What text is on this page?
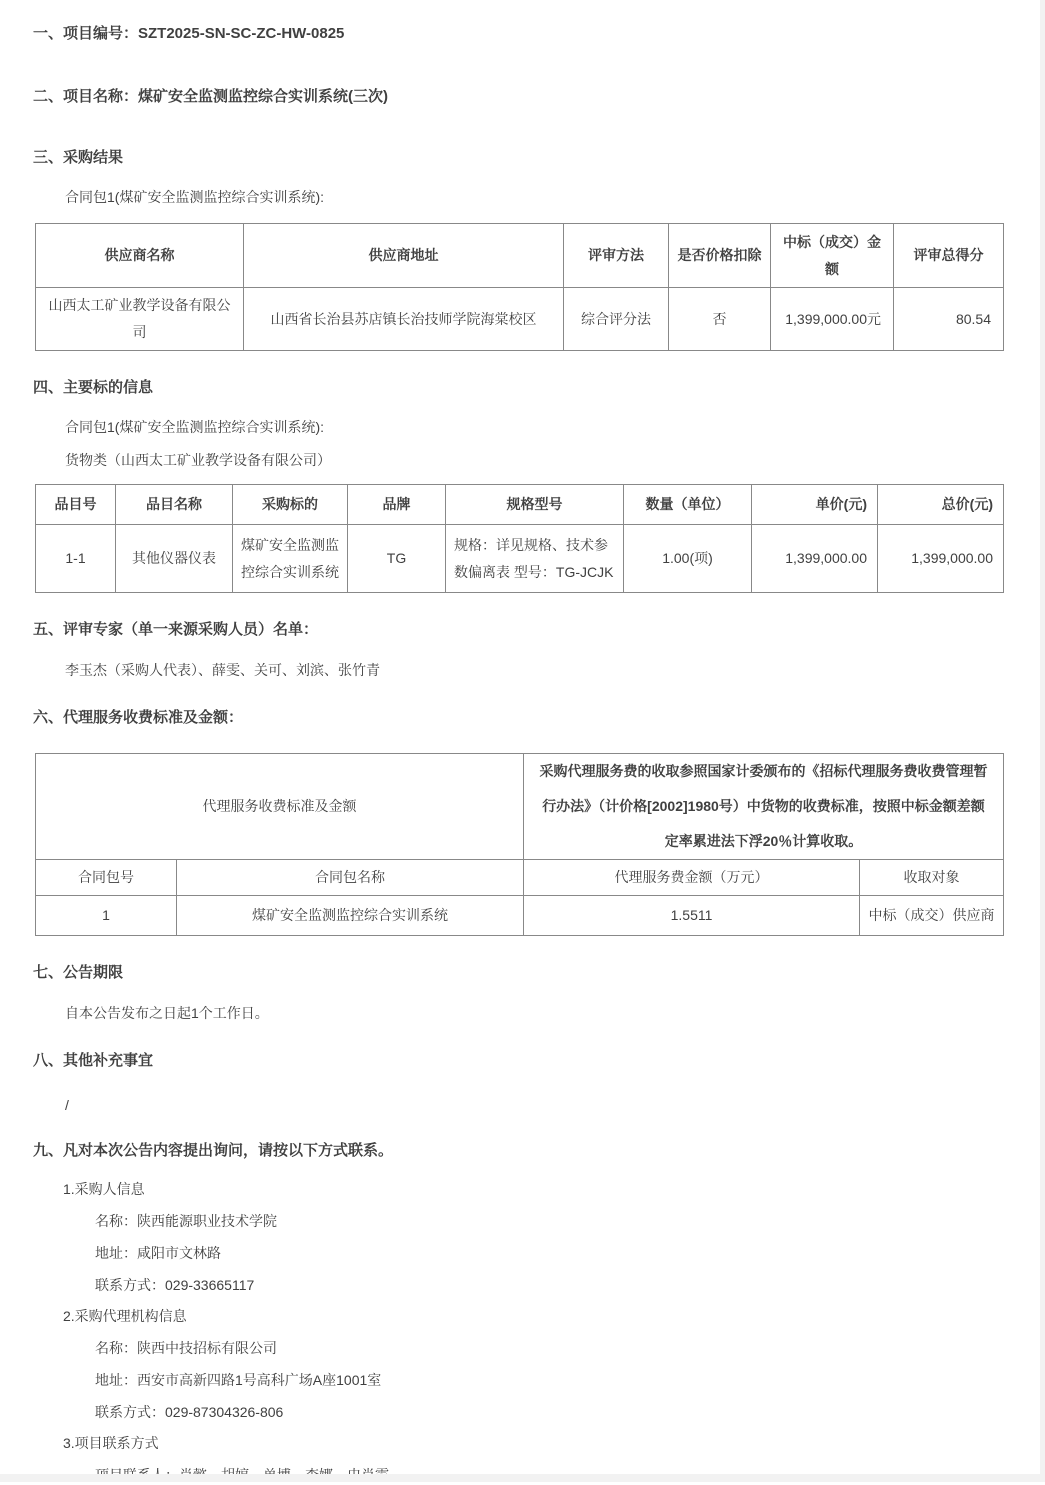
一、项目编号：SZT2025-SN-SC-ZC-HW-0825

二、项目名称：煤矿安全监测监控综合实训系统(三次)

三、采购结果

合同包1(煤矿安全监测监控综合实训系统):

供应商名称	供应商地址	评审方法	是否价格扣除	中标（成交）金额	评审总得分
山西太工矿业教学设备有限公司	山西省长治县苏店镇长治技师学院海棠校区	综合评分法	否	1,399,000.00元	80.54

四、主要标的信息

合同包1(煤矿安全监测监控综合实训系统):

货物类（山西太工矿业教学设备有限公司）

品目号	品目名称	采购标的	品牌	规格型号	数量（单位）	单价(元)	总价(元)
1-1	其他仪器仪表	煤矿安全监测监控综合实训系统	TG	规格：详见规格、技术参数偏离表 型号：TG-JCJK	1.00(项)	1,399,000.00	1,399,000.00

五、评审专家（单一来源采购人员）名单：

李玉杰（采购人代表）、薛雯、关可、刘滨、张竹青

六、代理服务收费标准及金额：

代理服务收费标准及金额		采购代理服务费的收取参照国家计委颁布的《招标代理服务费收费管理暂行办法》（计价格[2002]1980号）中货物的收费标准，按照中标金额差额定率累进法下浮20％计算收取。	
合同包号	合同包名称	代理服务费金额（万元）	收取对象
1	煤矿安全监测监控综合实训系统	1.5511	中标（成交）供应商

七、公告期限

自本公告发布之日起1个工作日。

八、其他补充事宜

/

九、凡对本次公告内容提出询问，请按以下方式联系。

1.采购人信息

名称：陕西能源职业技术学院

地址：咸阳市文林路

联系方式：029-33665117

2.采购代理机构信息

名称：陕西中技招标有限公司

地址：西安市高新四路1号高科广场A座1001室

联系方式：029-87304326-806

3.项目联系方式
